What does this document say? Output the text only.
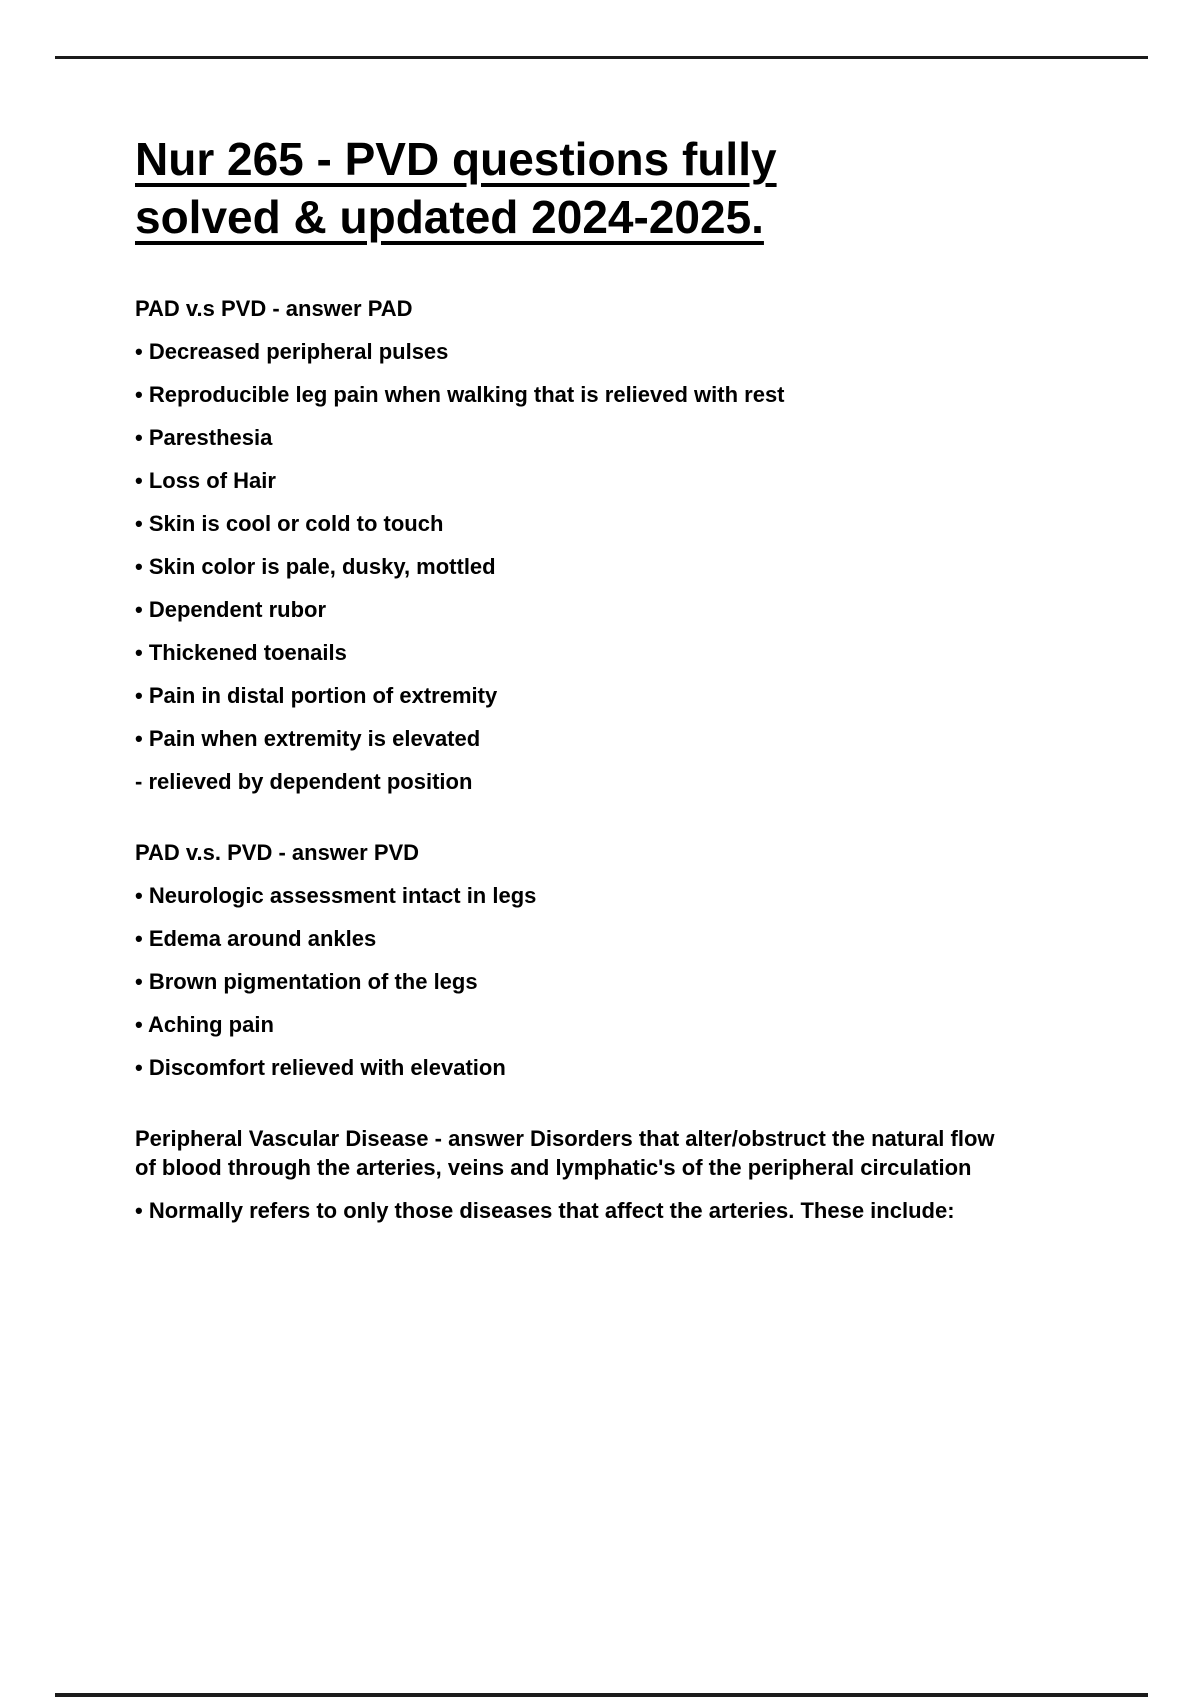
Nur 265 - PVD questions fully solved & updated 2024-2025.

PAD v.s PVD - answer PAD

• Decreased peripheral pulses

• Reproducible leg pain when walking that is relieved with rest

• Paresthesia

• Loss of Hair

• Skin is cool or cold to touch

• Skin color is pale, dusky, mottled

• Dependent rubor

• Thickened toenails

• Pain in distal portion of extremity

• Pain when extremity is elevated

- relieved by dependent position

PAD v.s. PVD - answer PVD

• Neurologic assessment intact in legs

• Edema around ankles

• Brown pigmentation of the legs

• Aching pain

• Discomfort relieved with elevation

Peripheral Vascular Disease - answer Disorders that alter/obstruct the natural flow of blood through the arteries, veins and lymphatic's of the peripheral circulation

• Normally refers to only those diseases that affect the arteries. These include:
